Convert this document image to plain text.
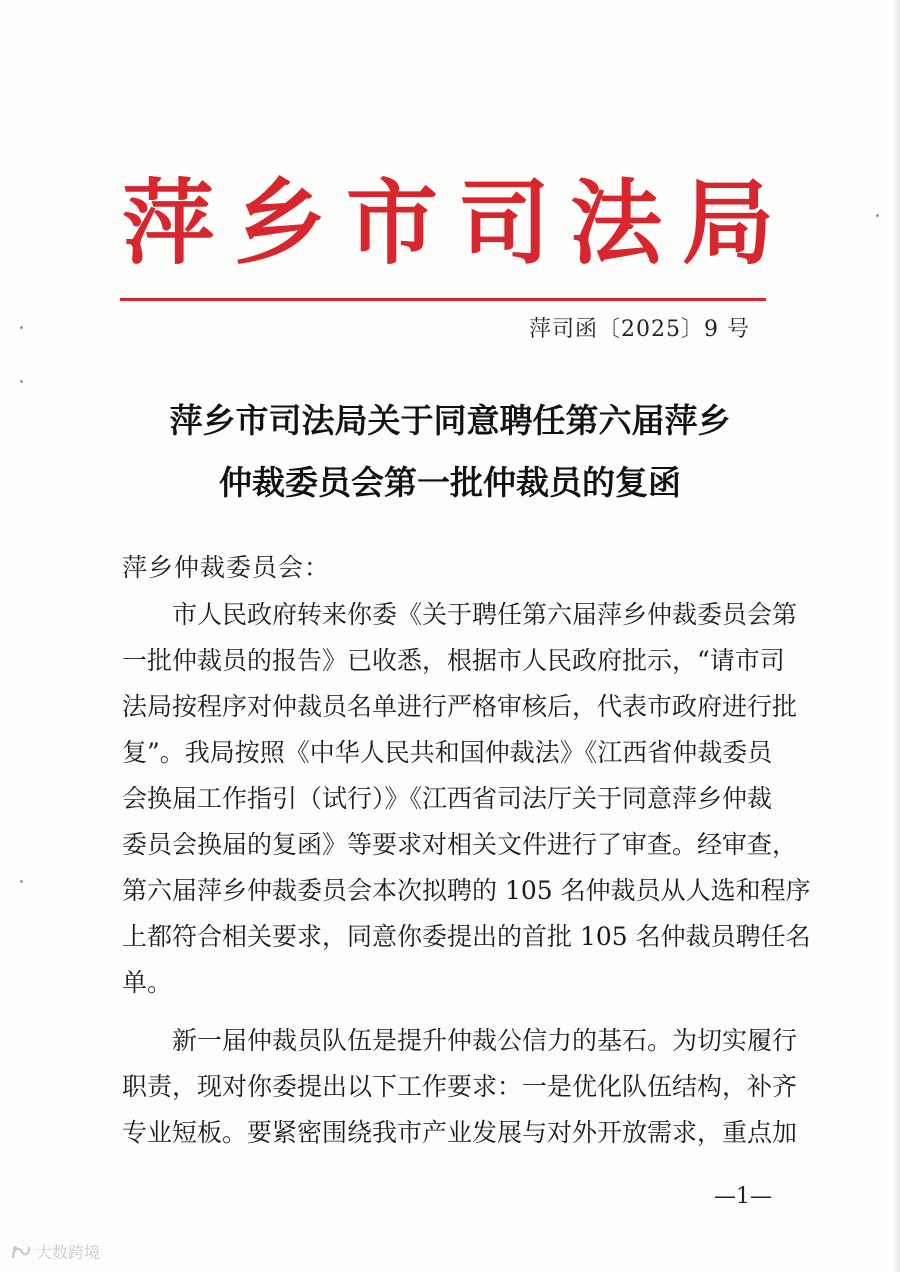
萍 乡 市 司 法 局
萍司函〔2025〕9 号
萍乡市司法局关于同意聘任第六届萍乡
仲裁委员会第一批仲裁员的复函
萍乡仲裁委员会：
　　市人民政府转来你委《关于聘任第六届萍乡仲裁委员会第
一批仲裁员的报告》已收悉，根据市人民政府批示，“请市司
法局按程序对仲裁员名单进行严格审核后，代表市政府进行批
复”。我局按照《中华人民共和国仲裁法》《江西省仲裁委员
会换届工作指引（试行）》《江西省司法厅关于同意萍乡仲裁
委员会换届的复函》等要求对相关文件进行了审查。经审查，
第六届萍乡仲裁委员会本次拟聘的 105 名仲裁员从人选和程序
上都符合相关要求，同意你委提出的首批 105 名仲裁员聘任名
单。
　　新一届仲裁员队伍是提升仲裁公信力的基石。为切实履行
职责，现对你委提出以下工作要求：一是优化队伍结构，补齐
专业短板。要紧密围绕我市产业发展与对外开放需求，重点加
—1—
大数跨境
